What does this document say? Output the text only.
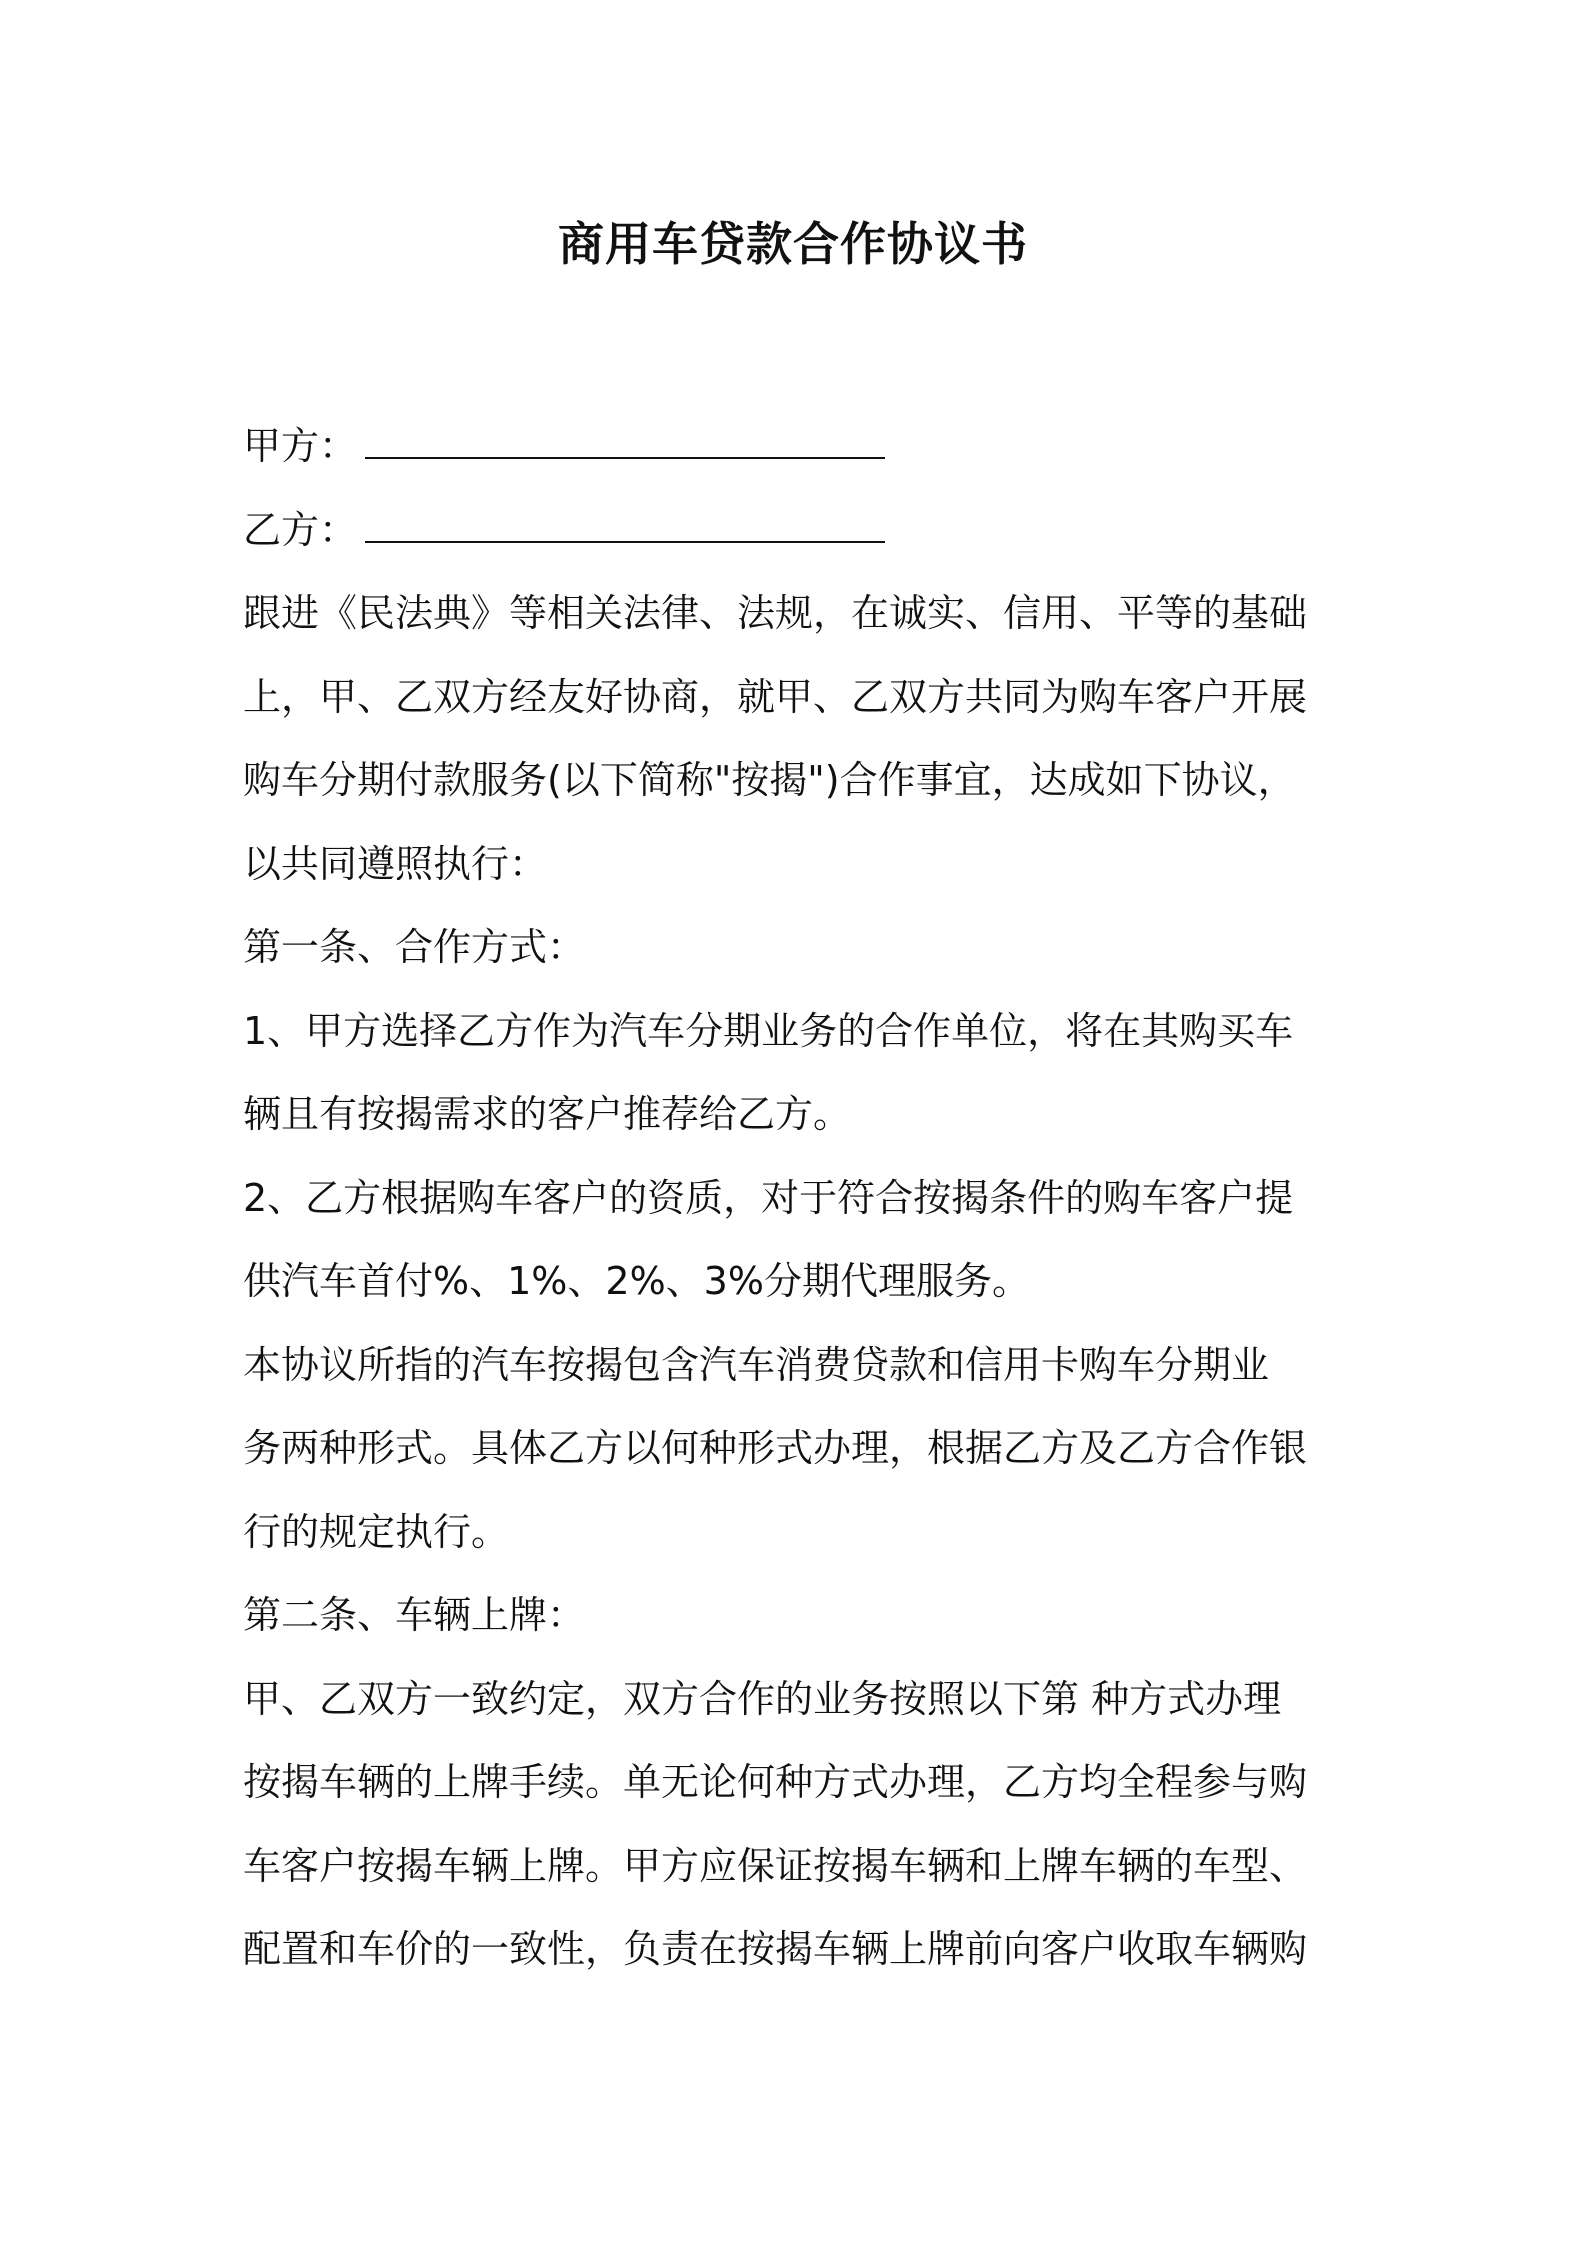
商用车贷款合作协议书
甲方：
乙方：
跟进《民法典》等相关法律、法规，在诚实、信用、平等的基础
上，甲、乙双方经友好协商，就甲、乙双方共同为购车客户开展
购车分期付款服务(以下简称"按揭")合作事宜，达成如下协议，
以共同遵照执行：
第一条、合作方式：
1、甲方选择乙方作为汽车分期业务的合作单位，将在其购买车
辆且有按揭需求的客户推荐给乙方。
2、乙方根据购车客户的资质，对于符合按揭条件的购车客户提
供汽车首付%、1%、2%、3%分期代理服务。
本协议所指的汽车按揭包含汽车消费贷款和信用卡购车分期业
务两种形式。具体乙方以何种形式办理，根据乙方及乙方合作银
行的规定执行。
第二条、车辆上牌：
甲、乙双方一致约定，双方合作的业务按照以下第 种方式办理
按揭车辆的上牌手续。单无论何种方式办理，乙方均全程参与购
车客户按揭车辆上牌。甲方应保证按揭车辆和上牌车辆的车型、
配置和车价的一致性，负责在按揭车辆上牌前向客户收取车辆购
